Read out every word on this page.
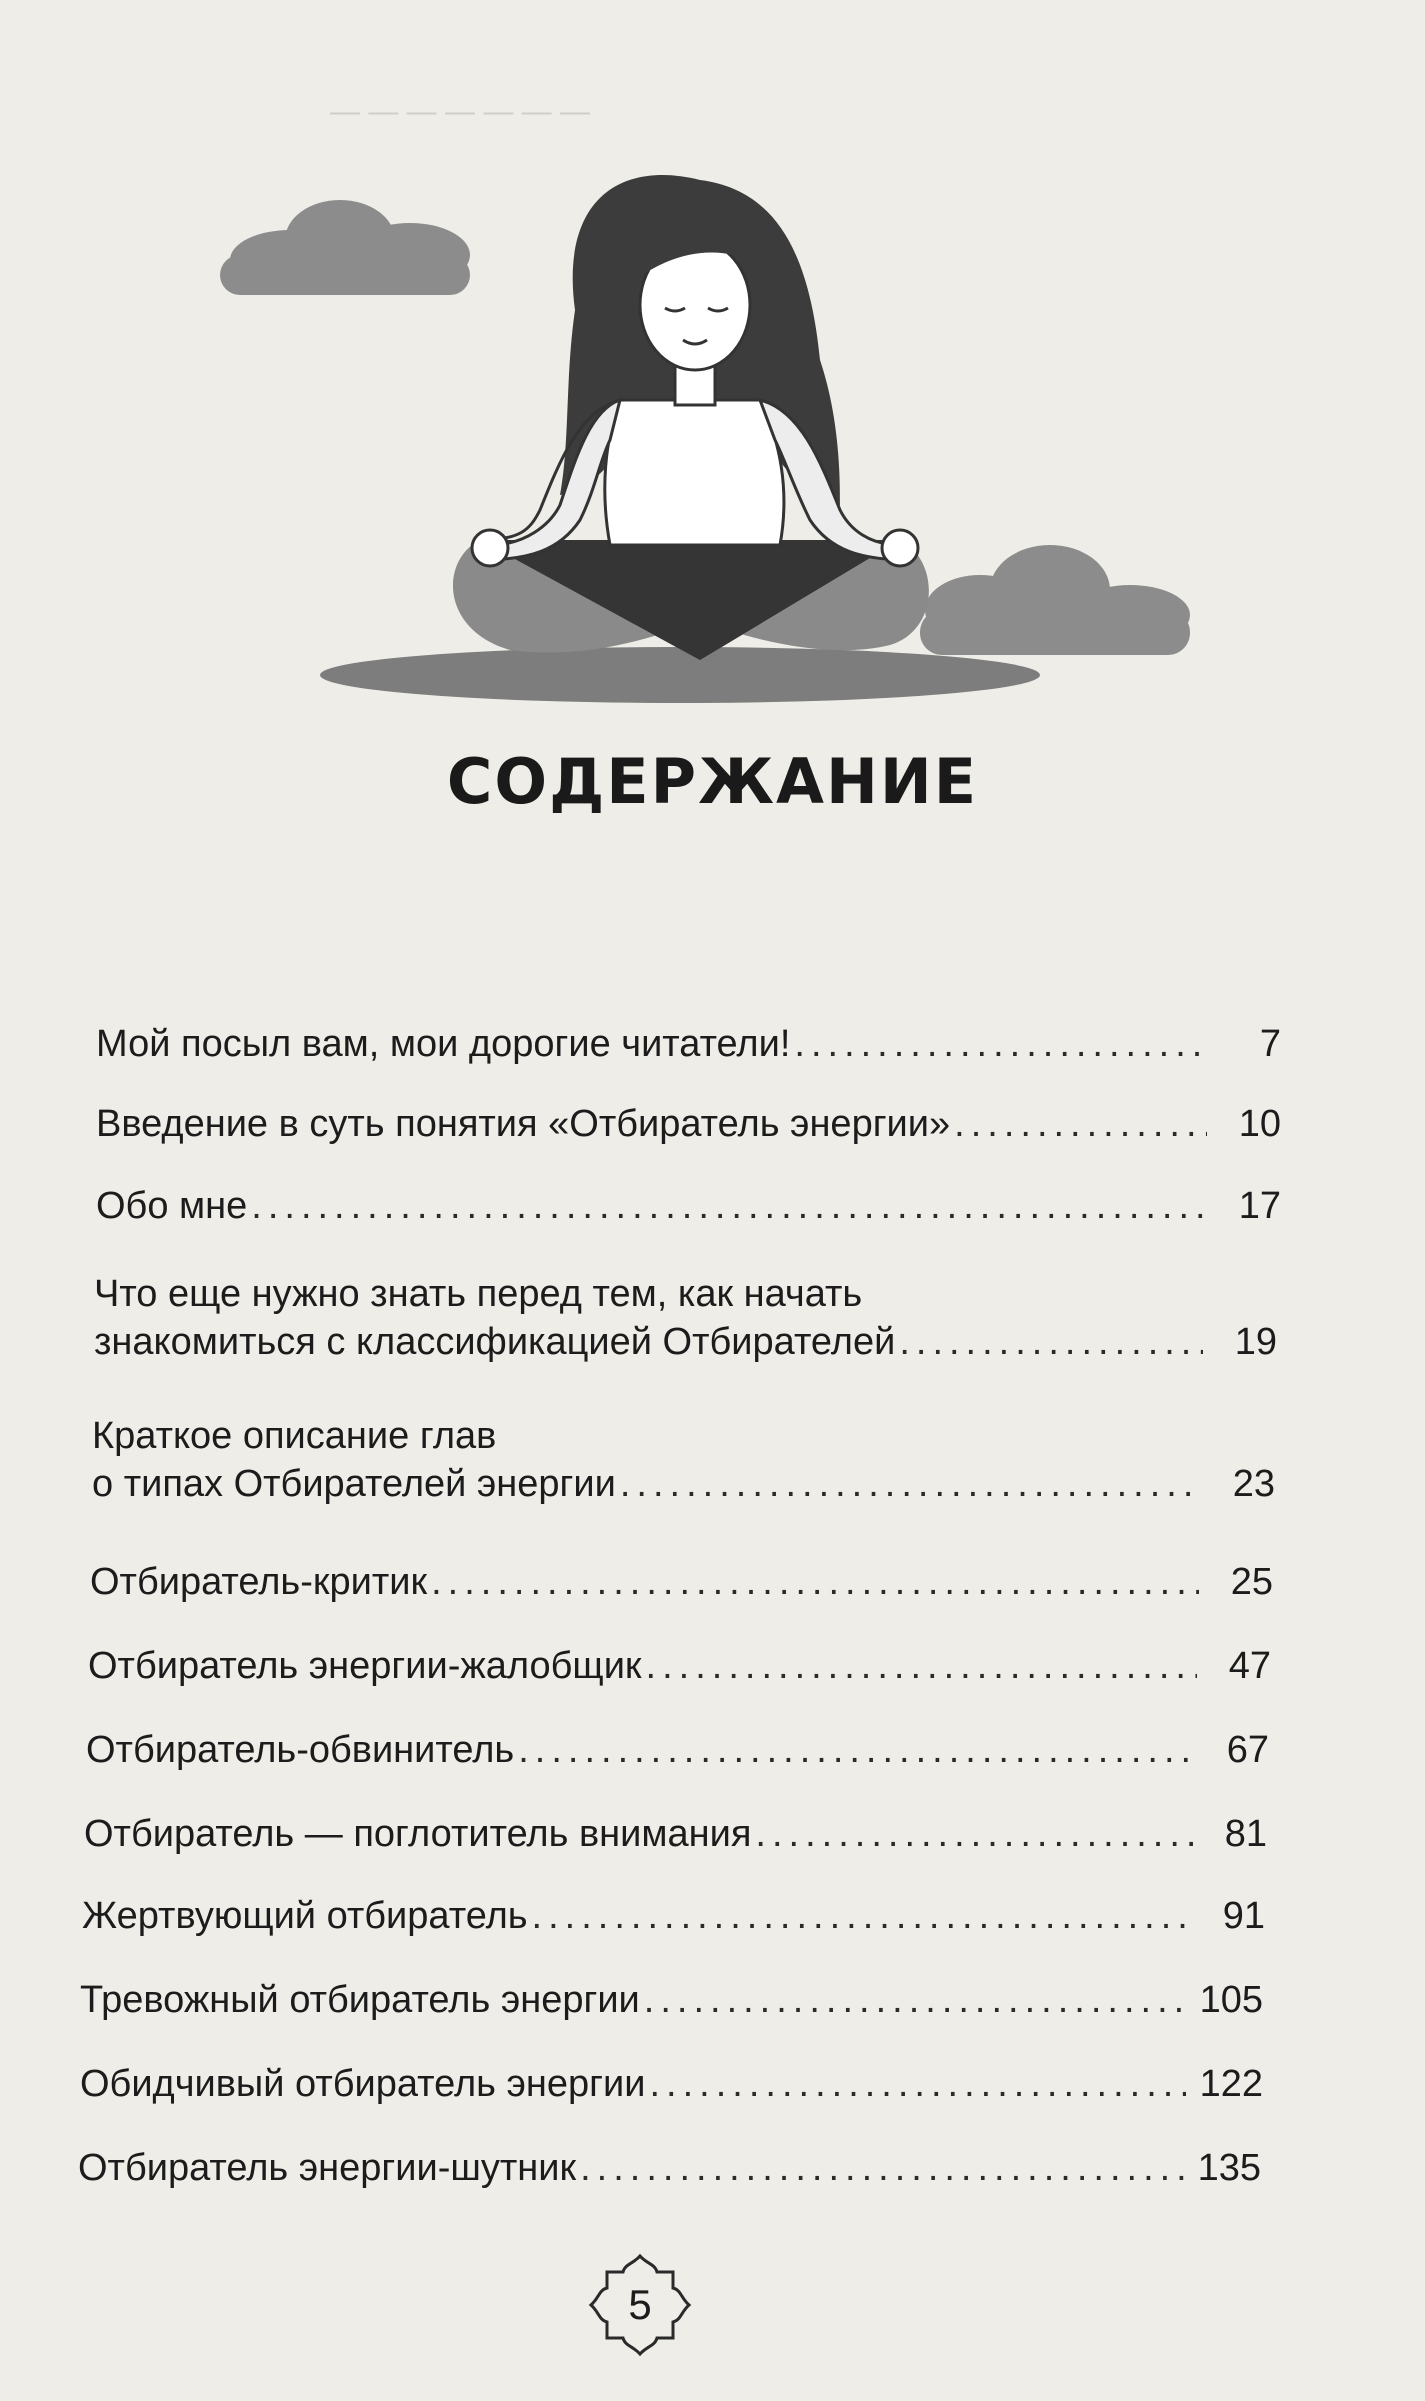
— — — — — — —
СОДЕРЖАНИЕ
Мой посыл вам, мои дорогие читатели! .....	7
Введение в суть понятия «Отбиратель энергии» .....	10
Обо мне .....	17
Что еще нужно знать перед тем, как начать
знакомиться с классификацией Отбирателей .....	19
Краткое описание глав
о типах Отбирателей энергии .....	23
Отбиратель-критик .....	25
Отбиратель энергии-жалобщик .....	47
Отбиратель-обвинитель .....	67
Отбиратель — поглотитель внимания .....	81
Жертвующий отбиратель .....	91
Тревожный отбиратель энергии .....	105
Обидчивый отбиратель энергии .....	122
Отбиратель энергии-шутник .....	135
5
